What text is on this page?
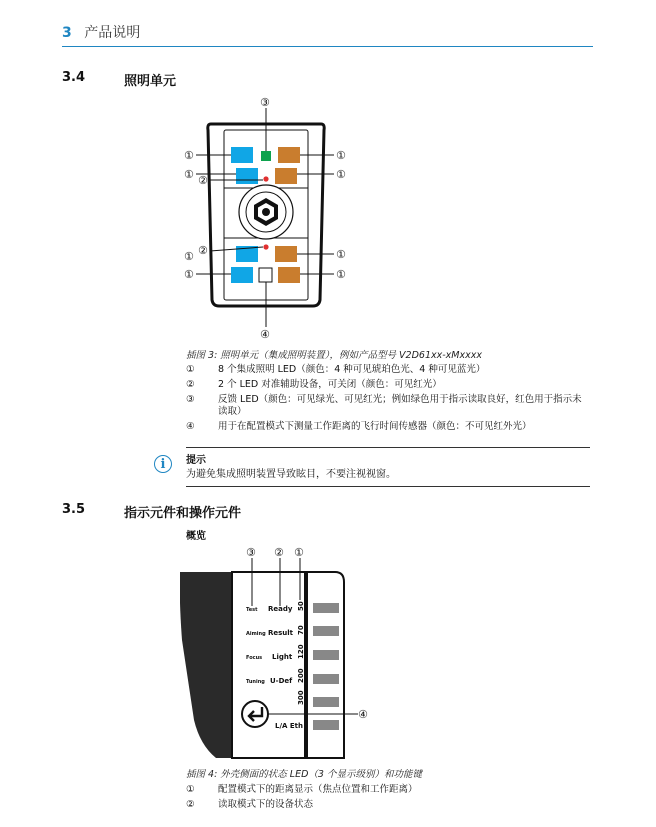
3 产品说明
3.4	照明单元
③
①	①
①	①
②
②
①	①
①	①
④
插图 3: 照明单元（集成照明装置），例如产品型号 V2D61xx-xMxxxx
①	8 个集成照明 LED（颜色：4 种可见琥珀色光、4 种可见蓝光）
②	2 个 LED 对准辅助设备，可关闭（颜色：可见红光）
③	反馈 LED（颜色：可见绿光、可见红光；例如绿色用于指示读取良好，红色用于指示未读取）
④	用于在配置模式下测量工作距离的飞行时间传感器（颜色：不可见红外光）
i	提示
为避免集成照明装置导致眩目，不要注视视窗。
3.5	指示元件和操作元件
概览
③ ② ①
④
Test Ready 50
Aiming Result 70
Focus Light 120
Tuning U-Def 200
300
L/A Eth
插图 4: 外壳侧面的状态 LED（3 个显示级别）和功能键
①	配置模式下的距离显示（焦点位置和工作距离）
②	读取模式下的设备状态
